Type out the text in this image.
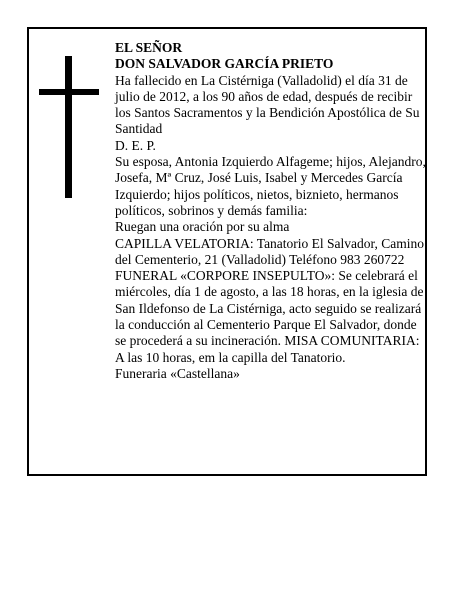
EL SEÑOR

DON SALVADOR GARCÍA PRIETO

Ha fallecido en La Cistérniga (Valladolid) el día 31 de julio de 2012, a los 90 años de edad, después de recibir los Santos Sacramentos y la Bendición Apostólica de Su Santidad

D. E. P.

Su esposa, Antonia Izquierdo Alfageme; hijos, Alejandro, Josefa, Mª Cruz, José Luis, Isabel y Mercedes García Izquierdo; hijos políticos, nietos, biznieto, hermanos políticos, sobrinos y demás familia:

Ruegan una oración por su alma

CAPILLA VELATORIA: Tanatorio El Salvador, Camino del Cementerio, 21 (Valladolid) Teléfono 983 260722

FUNERAL «CORPORE INSEPULTO»: Se celebrará el miércoles, día 1 de agosto, a las 18 horas, en la iglesia de San Ildefonso de La Cistérniga, acto seguido se realizará la conducción al Cementerio Parque El Salvador, donde se procederá a su incineración. MISA COMUNITARIA: A las 10 horas, em la capilla del Tanatorio.

Funeraria «Castellana»
